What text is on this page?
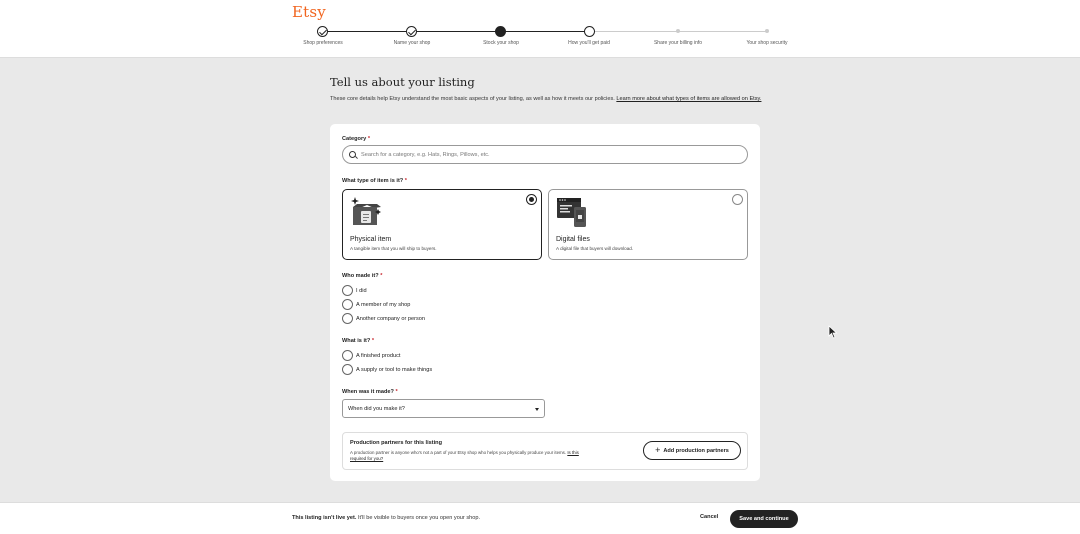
Etsy
Shop preferences	Name your shop	Stock your shop	How you'll get paid	Share your billing info	Your shop security
Tell us about your listing

These core details help Etsy understand the most basic aspects of your listing, as well as how it meets our policies. Learn more about what types of items are allowed on Etsy.

Category *
Search for a category, e.g. Hats, Rings, Pillows, etc.
What type of item is it? *
Physical item
A tangible item that you will ship to buyers.
Digital files
A digital file that buyers will download.
Who made it? *
I did
A member of my shop
Another company or person
What is it? *
A finished product
A supply or tool to make things
When was it made? *
When did you make it?
Production partners for this listing
A production partner is anyone who's not a part of your Etsy shop who helps you physically produce your items. Is this required for you?
+ Add production partners
This listing isn't live yet. It'll be visible to buyers once you open your shop.	Cancel	Save and continue
